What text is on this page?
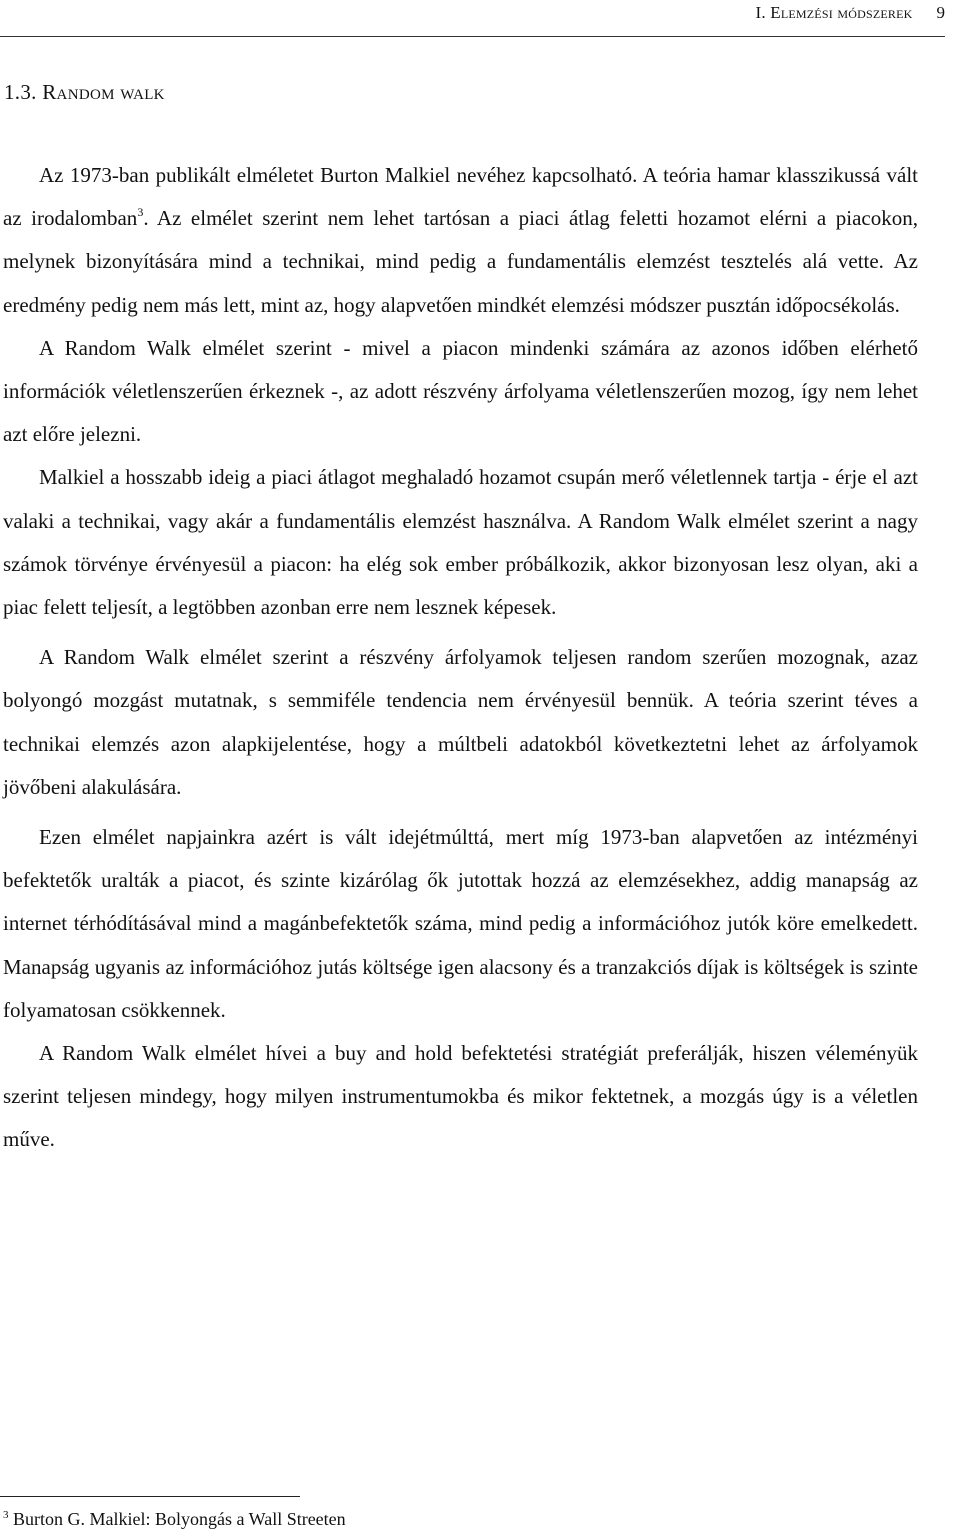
I. Elemzési módszerek 9
1.3. Random walk

Az 1973-ban publikált elméletet Burton Malkiel nevéhez kapcsolható. A teória hamar klasszikussá vált az irodalomban$^3$. Az elmélet szerint nem lehet tartósan a piaci átlag feletti hozamot elérni a piacokon, melynek bizonyítására mind a technikai, mind pedig a fundamentális elemzést tesztelés alá vette. Az eredmény pedig nem más lett, mint az, hogy alapvetően mindkét elemzési módszer pusztán időpocsékolás.

A Random Walk elmélet szerint - mivel a piacon mindenki számára az azonos időben elérhető információk véletlenszerűen érkeznek -, az adott részvény árfolyama véletlenszerűen mozog, így nem lehet azt előre jelezni.

Malkiel a hosszabb ideig a piaci átlagot meghaladó hozamot csupán merő véletlennek tartja - érje el azt valaki a technikai, vagy akár a fundamentális elemzést használva. A Random Walk elmélet szerint a nagy számok törvénye érvényesül a piacon: ha elég sok ember próbálkozik, akkor bizonyosan lesz olyan, aki a piac felett teljesít, a legtöbben azonban erre nem lesznek képesek.

A Random Walk elmélet szerint a részvény árfolyamok teljesen random szerűen mozognak, azaz bolyongó mozgást mutatnak, s semmiféle tendencia nem érvényesül bennük. A teória szerint téves a technikai elemzés azon alapkijelentése, hogy a múltbeli adatokból következtetni lehet az árfolyamok jövőbeni alakulására.

Ezen elmélet napjainkra azért is vált idejétmúlttá, mert míg 1973-ban alapvetően az intézményi befektetők uralták a piacot, és szinte kizárólag ők jutottak hozzá az elemzésekhez, addig manapság az internet térhódításával mind a magánbefektetők száma, mind pedig a információhoz jutók köre emelkedett. Manapság ugyanis az információhoz jutás költsége igen alacsony és a tranzakciós díjak is költségek is szinte folyamatosan csökkennek.

A Random Walk elmélet hívei a buy and hold befektetési stratégiát preferálják, hiszen véleményük szerint teljesen mindegy, hogy milyen instrumentumokba és mikor fektetnek, a mozgás úgy is a véletlen műve.

$^3$ Burton G. Malkiel: Bolyongás a Wall Streeten
